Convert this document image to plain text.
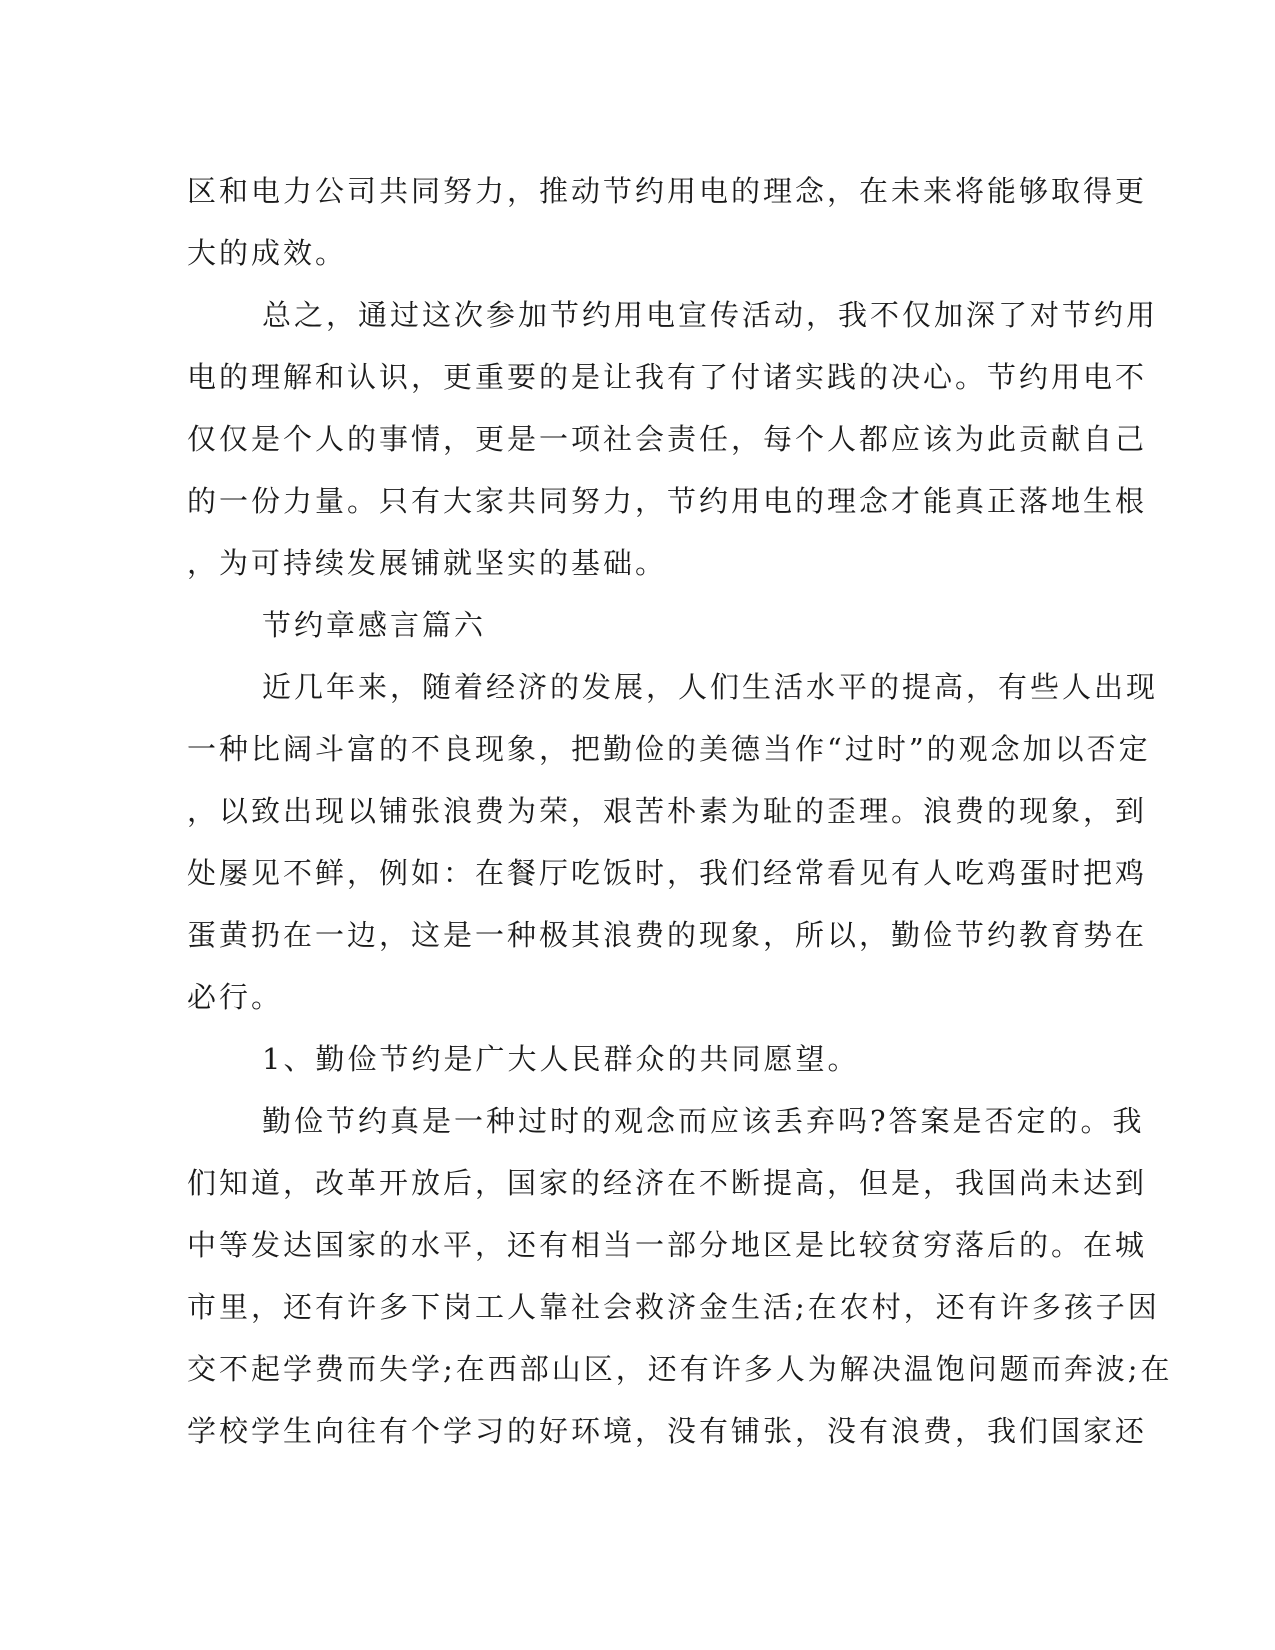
区和电力公司共同努力，推动节约用电的理念，在未来将能够取得更
大的成效。
总之，通过这次参加节约用电宣传活动，我不仅加深了对节约用
电的理解和认识，更重要的是让我有了付诸实践的决心。节约用电不
仅仅是个人的事情，更是一项社会责任，每个人都应该为此贡献自己
的一份力量。只有大家共同努力，节约用电的理念才能真正落地生根
，为可持续发展铺就坚实的基础。
节约章感言篇六
近几年来，随着经济的发展，人们生活水平的提高，有些人出现
一种比阔斗富的不良现象，把勤俭的美德当作“过时”的观念加以否定
，以致出现以铺张浪费为荣，艰苦朴素为耻的歪理。浪费的现象，到
处屡见不鲜，例如：在餐厅吃饭时，我们经常看见有人吃鸡蛋时把鸡
蛋黄扔在一边，这是一种极其浪费的现象，所以，勤俭节约教育势在
必行。
1、勤俭节约是广大人民群众的共同愿望。
勤俭节约真是一种过时的观念而应该丢弃吗?答案是否定的。我
们知道，改革开放后，国家的经济在不断提高，但是，我国尚未达到
中等发达国家的水平，还有相当一部分地区是比较贫穷落后的。在城
市里，还有许多下岗工人靠社会救济金生活;在农村，还有许多孩子因
交不起学费而失学;在西部山区，还有许多人为解决温饱问题而奔波;在
学校学生向往有个学习的好环境，没有铺张，没有浪费，我们国家还
